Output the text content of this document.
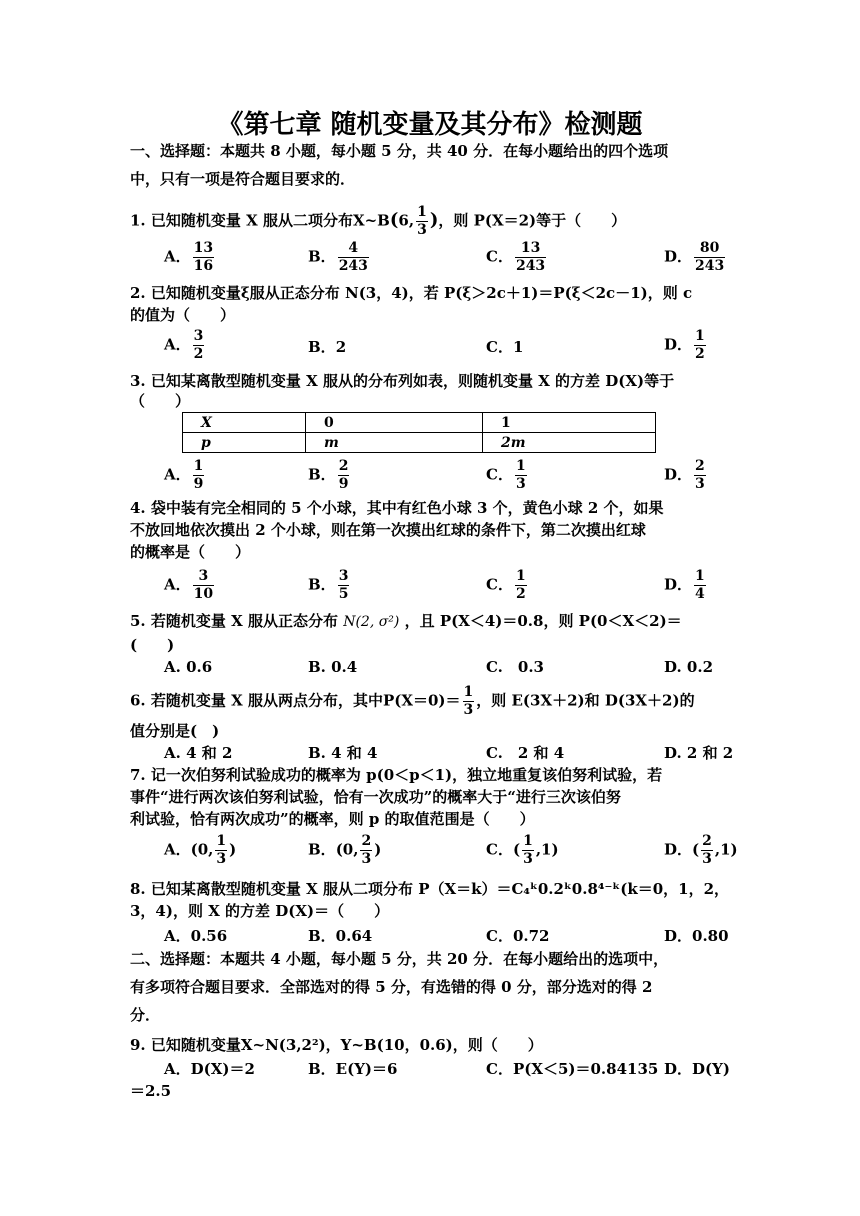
《第七章 随机变量及其分布》检测题
一、选择题：本题共 8 小题，每小题 5 分，共 40 分．在每小题给出的四个选项
中，只有一项是符合题目要求的．
1. 已知随机变量 X 服从二项分布X~B(6, $\frac{1}{3}$ )，则 P(X＝2)等于（　　）
A． $\frac{13}{16}$	B． $\frac{4}{243}$	C． $\frac{13}{243}$	D． $\frac{80}{243}$
2. 已知随机变量ξ服从正态分布 N(3，4)，若 P(ξ＞2c＋1)＝P(ξ＜2c－1)，则 c
的值为（　　）
A． $\frac{3}{2}$	B．2	C．1	D． $\frac{1}{2}$
3. 已知某离散型随机变量 X 服从的分布列如表，则随机变量 X 的方差 D(X)等于
（　　）
X	0	1
p	m	2m
A． $\frac{1}{9}$	B． $\frac{2}{9}$	C． $\frac{1}{3}$	D． $\frac{2}{3}$
4. 袋中装有完全相同的 5 个小球，其中有红色小球 3 个，黄色小球 2 个，如果
不放回地依次摸出 2 个小球，则在第一次摸出红球的条件下，第二次摸出红球
的概率是（　　）
A． $\frac{3}{10}$	B． $\frac{3}{5}$	C． $\frac{1}{2}$	D． $\frac{1}{4}$
5. 若随机变量 X 服从正态分布 N(2, σ²) ，且 P(X＜4)＝0.8，则 P(0＜X＜2)＝
(　　)
A. 0.6	B. 0.4	C.　0.3	D. 0.2
6. 若随机变量 X 服从两点分布，其中$P(X=0)= \frac{1}{3}$ ，则 E(3X＋2)和 D(3X＋2)的
值分别是(　)
A. 4 和 2	B. 4 和 4	C.　2 和 4	D. 2 和 2
7. 记一次伯努利试验成功的概率为 p(0＜p＜1)，独立地重复该伯努利试验，若
事件“进行两次该伯努利试验，恰有一次成功”的概率大于“进行三次该伯努
利试验，恰有两次成功”的概率，则 p 的取值范围是（　　）
A．(0, $\frac{1}{3}$ )	B．(0, $\frac{2}{3}$ )	C．( $\frac{1}{3} ,1$)	D．( $\frac{2}{3} ,1$)
8. 已知某离散型随机变量 X 服从二项分布 P（X＝k）＝C₄ᵏ0.2ᵏ0.8⁴⁻ᵏ(k＝0，1，2，
3，4)，则 X 的方差 D(X)＝（　　）
A．0.56	B．0.64	C．0.72	D．0.80
二、选择题：本题共 4 小题，每小题 5 分，共 20 分．在每小题给出的选项中，
有多项符合题目要求．全部选对的得 5 分，有选错的得 0 分，部分选对的得 2
分．
9. 已知随机变量X~N(3,2²)，Y~B(10，0.6)，则（　　）
A．D(X)＝2	B．E(Y)＝6	C．P(X＜5)＝0.84135 D．D(Y)
＝2.5
